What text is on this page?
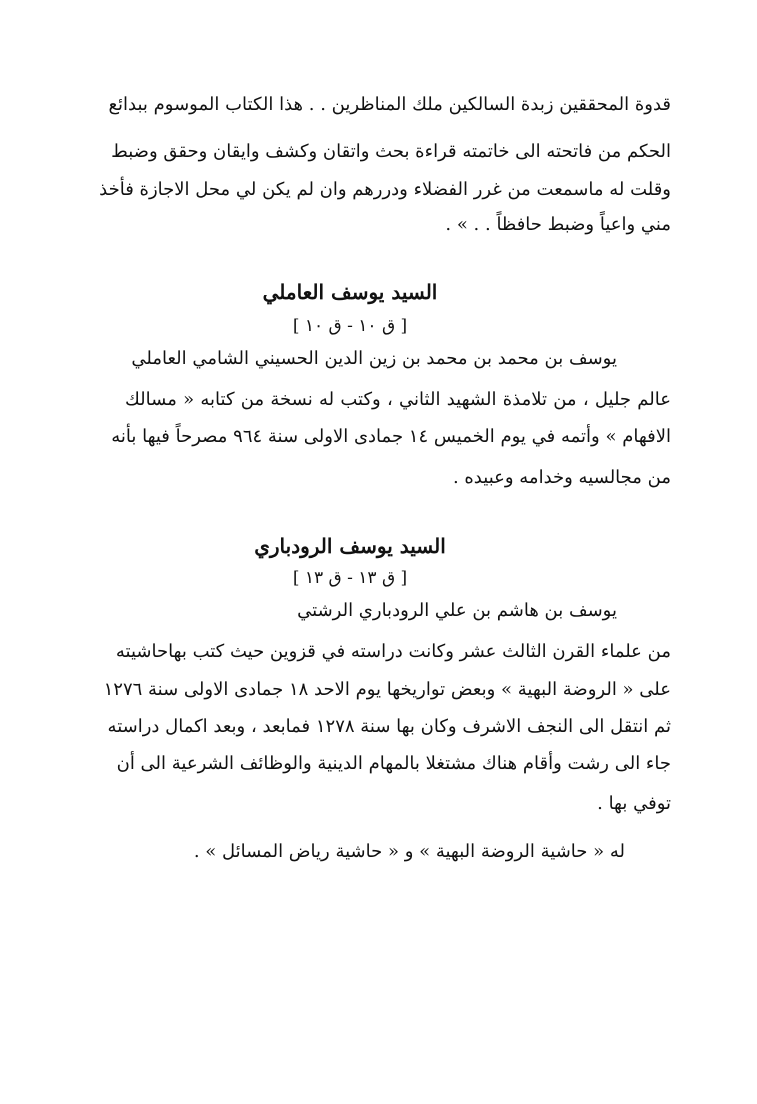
قدوة المحققين زبدة السالكين ملك المناظرين . . هذا الكتاب الموسوم ببدائع
الحكم من فاتحته الى خاتمته قراءة بحث واتقان وكشف وايقان وحقق وضبط
وقلت له ماسمعت من غرر الفضلاء ودررهم وان لم يكن لي محل الاجازة فأخذ
مني واعياً وضبط حافظاً . . » .
السيد يوسف العاملي
[ ق ١٠ - ق ١٠ ]
يوسف بن محمد بن محمد بن زين الدين الحسيني الشامي العاملي
عالم جليل ، من تلامذة الشهيد الثاني ، وكتب له نسخة من كتابه « مسالك
الافهام » وأتمه في يوم الخميس ١٤ جمادى الاولى سنة ٩٦٤ مصرحاً فيها بأنه
من مجالسيه وخدامه وعبيده .
السيد يوسف الرودباري
[ ق ١٣ - ق ١٣ ]
يوسف بن هاشم بن علي الرودباري الرشتي
من علماء القرن الثالث عشر وكانت دراسته في قزوين حيث كتب بهاحاشيته
على « الروضة البهية » وبعض تواريخها يوم الاحد ١٨ جمادى الاولى سنة ١٢٧٦
ثم انتقل الى النجف الاشرف وكان بها سنة ١٢٧٨ فمابعد ، وبعد اكمال دراسته
جاء الى رشت وأقام هناك مشتغلا بالمهام الدينية والوظائف الشرعية الى أن
توفي بها .
له « حاشية الروضة البهية » و « حاشية رياض المسائل » .
